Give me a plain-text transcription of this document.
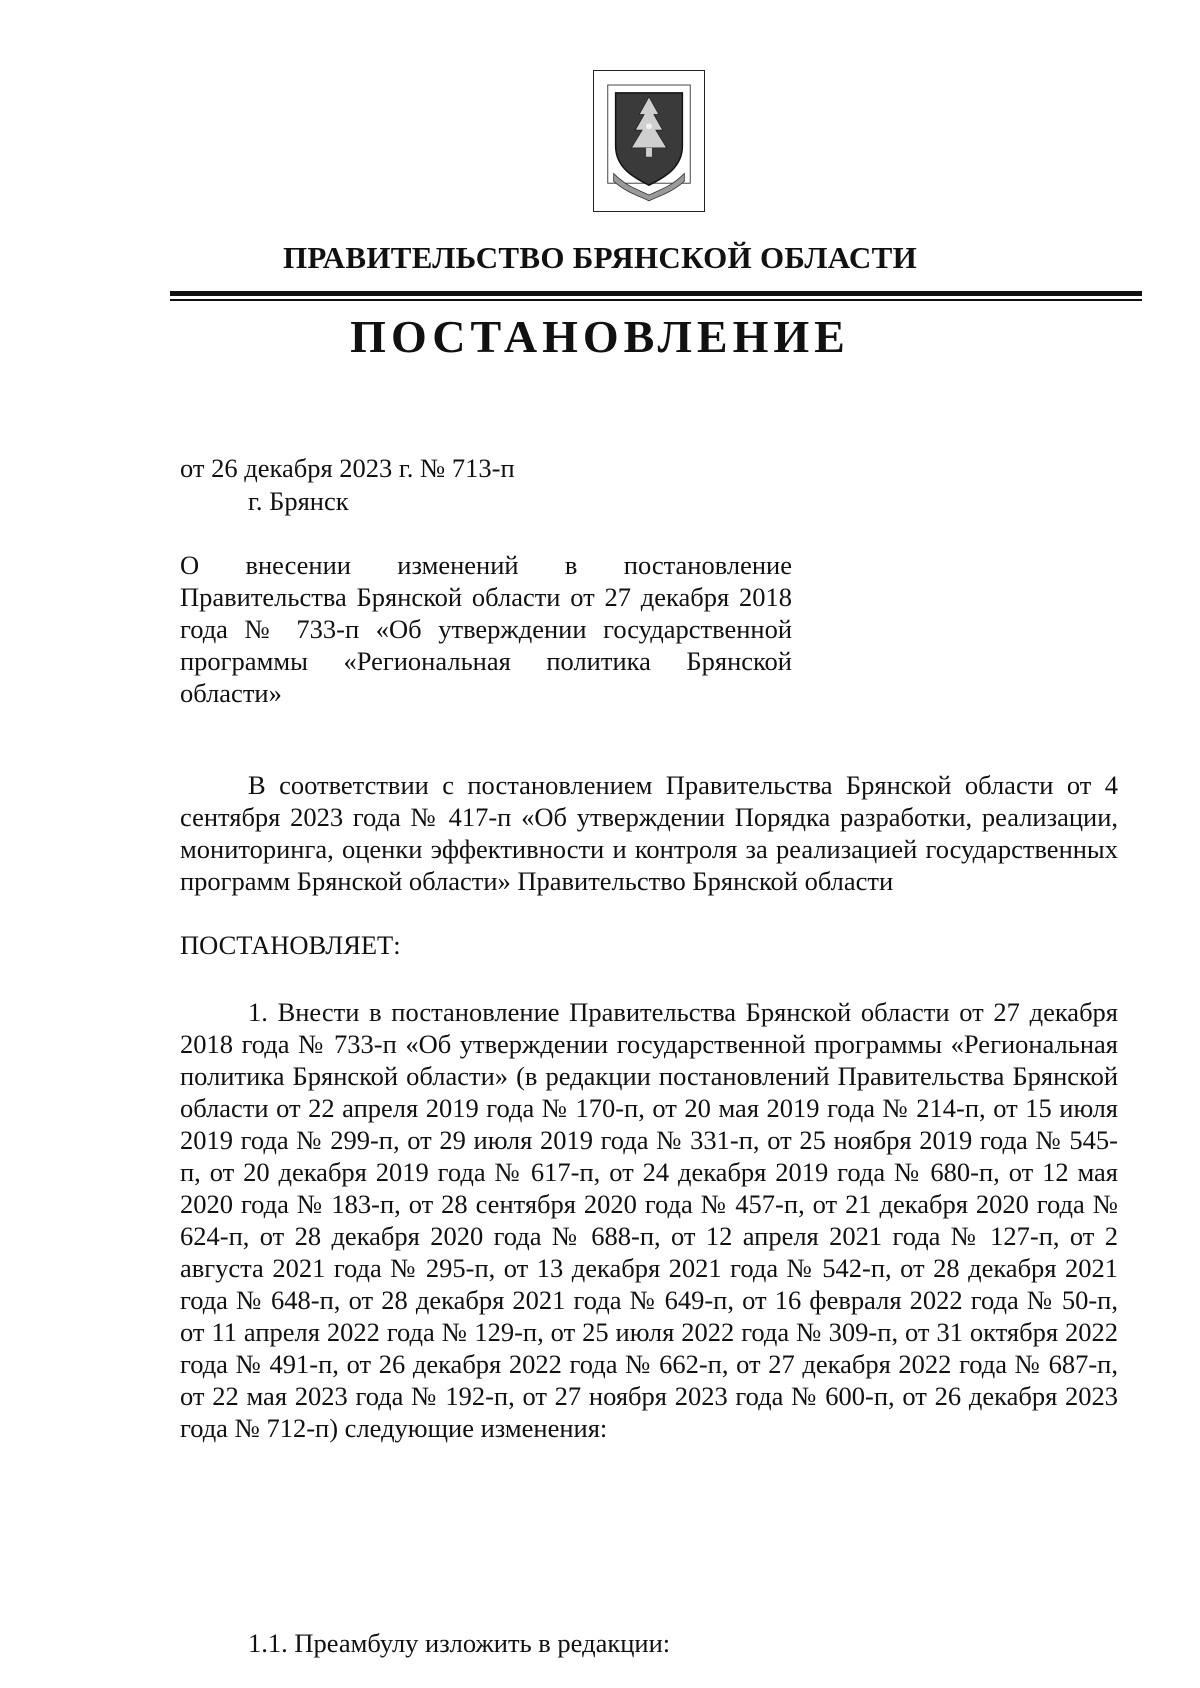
ПРАВИТЕЛЬСТВО БРЯНСКОЙ ОБЛАСТИ
ПОСТАНОВЛЕНИЕ
от 26 декабря 2023 г. № 713-п
г. Брянск
О внесении изменений в постановление Правительства Брянской области от 27 декабря 2018 года № 733-п «Об утверждении государственной программы «Региональная политика Брянской области»
В соответствии с постановлением Правительства Брянской области от 4 сентября 2023 года № 417-п «Об утверждении Порядка разработки, реализации, мониторинга, оценки эффективности и контроля за реализацией государственных программ Брянской области» Правительство Брянской области
ПОСТАНОВЛЯЕТ:
1. Внести в постановление Правительства Брянской области от 27 декабря 2018 года № 733-п «Об утверждении государственной программы «Региональная политика Брянской области» (в редакции постановлений Правительства Брянской области от 22 апреля 2019 года № 170-п, от 20 мая 2019 года № 214-п, от 15 июля 2019 года № 299-п, от 29 июля 2019 года № 331-п, от 25 ноября 2019 года № 545-п, от 20 декабря 2019 года № 617-п, от 24 декабря 2019 года № 680-п, от 12 мая 2020 года № 183-п, от 28 сентября 2020 года № 457-п, от 21 декабря 2020 года № 624-п, от 28 декабря 2020 года № 688-п, от 12 апреля 2021 года № 127-п, от 2 августа 2021 года № 295-п, от 13 декабря 2021 года № 542-п, от 28 декабря 2021 года № 648-п, от 28 декабря 2021 года № 649-п, от 16 февраля 2022 года № 50-п, от 11 апреля 2022 года № 129-п, от 25 июля 2022 года № 309-п, от 31 октября 2022 года № 491-п, от 26 декабря 2022 года № 662-п, от 27 декабря 2022 года № 687-п, от 22 мая 2023 года № 192-п, от 27 ноября 2023 года № 600-п, от 26 декабря 2023 года № 712-п) следующие изменения:
1.1. Преамбулу изложить в редакции:
